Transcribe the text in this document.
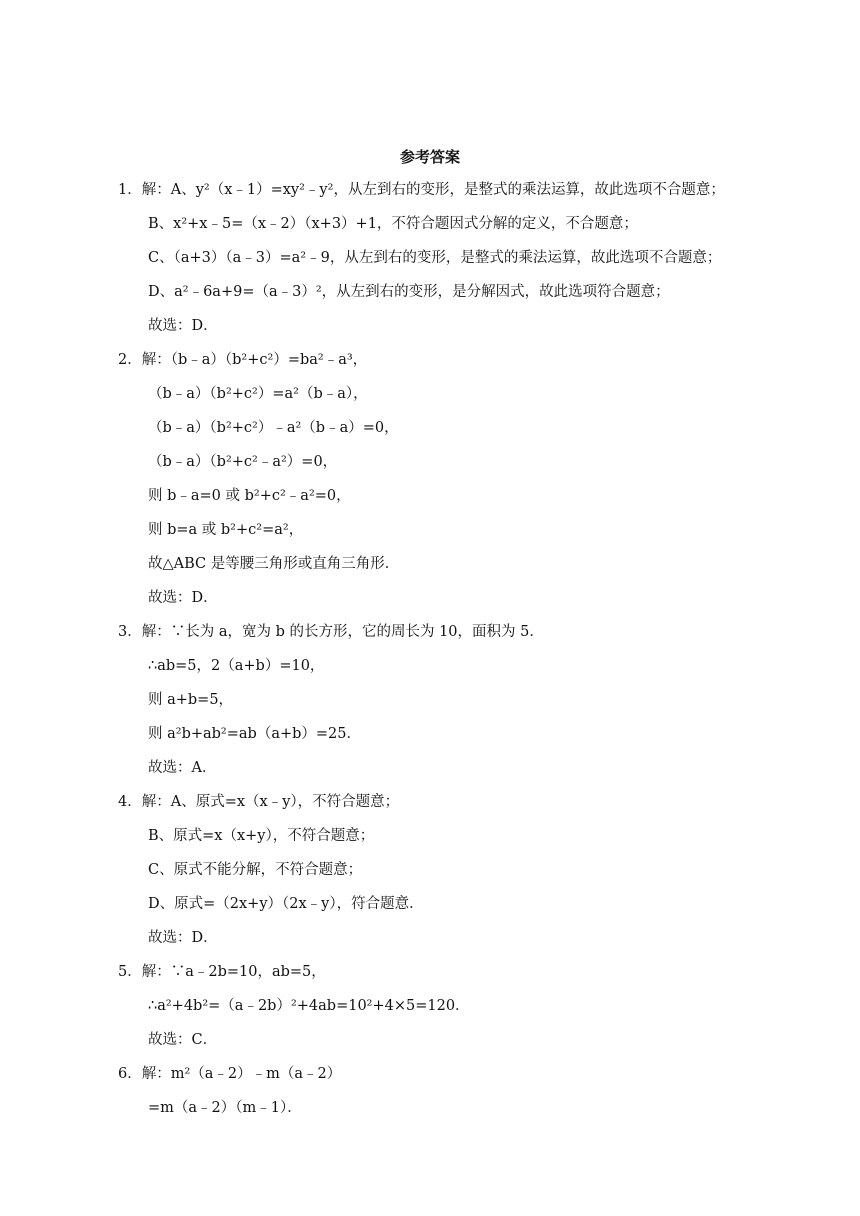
参考答案
1．解：A、y²（x﹣1）=xy²﹣y²，从左到右的变形，是整式的乘法运算，故此选项不合题意；
B、x²+x﹣5=（x﹣2）（x+3）+1，不符合题因式分解的定义，不合题意；
C、（a+3）（a﹣3）=a²﹣9，从左到右的变形，是整式的乘法运算，故此选项不合题意；
D、a²﹣6a+9=（a﹣3）²，从左到右的变形，是分解因式，故此选项符合题意；
故选：D．
2．解：（b﹣a）（b²+c²）=ba²﹣a³，
（b﹣a）（b²+c²）=a²（b﹣a），
（b﹣a）（b²+c²）﹣a²（b﹣a）=0，
（b﹣a）（b²+c²﹣a²）=0，
则 b﹣a=0 或 b²+c²﹣a²=0，
则 b=a 或 b²+c²=a²，
故△ABC 是等腰三角形或直角三角形．
故选：D．
3．解：∵长为 a，宽为 b 的长方形，它的周长为 10，面积为 5．
∴ab=5，2（a+b）=10，
则 a+b=5，
则 a²b+ab²=ab（a+b）=25．
故选：A．
4．解：A、原式=x（x﹣y），不符合题意；
B、原式=x（x+y），不符合题意；
C、原式不能分解，不符合题意；
D、原式=（2x+y）（2x﹣y），符合题意．
故选：D．
5．解：∵a﹣2b=10，ab=5，
∴a²+4b²=（a﹣2b）²+4ab=10²+4×5=120．
故选：C．
6．解：m²（a﹣2）﹣m（a﹣2）
=m（a﹣2）（m﹣1）．
